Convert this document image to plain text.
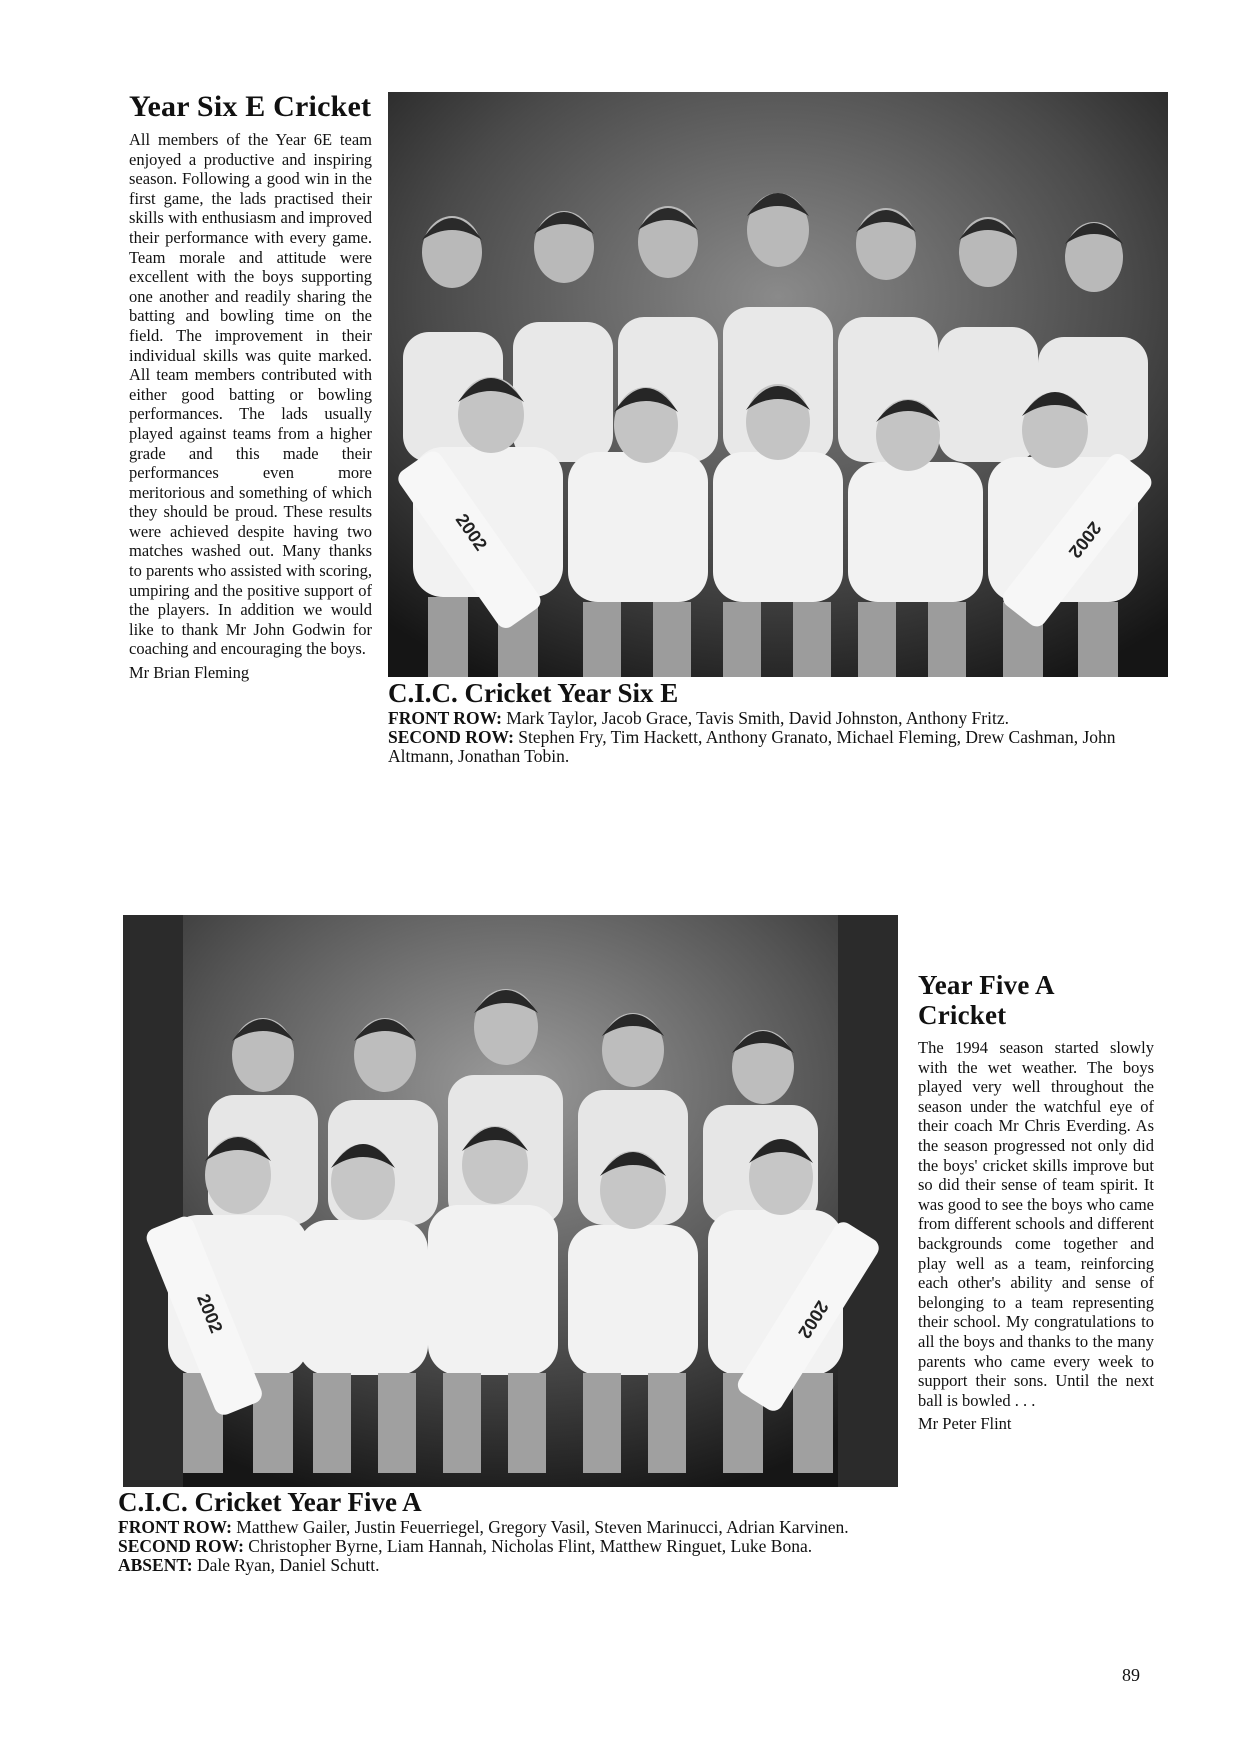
Year Six E Cricket

All members of the Year 6E team enjoyed a productive and inspiring season. Following a good win in the first game, the lads practised their skills with enthusiasm and improved their performance with every game. Team morale and attitude were excellent with the boys supporting one another and readily sharing the batting and bowling time on the field. The improvement in their individual skills was quite marked. All team members contributed with either good batting or bowling performances. The lads usually played against teams from a higher grade and this made their performances even more meritorious and something of which they should be proud. These results were achieved despite having two matches washed out. Many thanks to parents who assisted with scoring, umpiring and the positive support of the players. In addition we would like to thank Mr John Godwin for coaching and encouraging the boys.

Mr Brian Fleming
2002	2002
C.I.C. Cricket Year Six E

FRONT ROW: Mark Taylor, Jacob Grace, Tavis Smith, David Johnston, Anthony Fritz.

SECOND ROW: Stephen Fry, Tim Hackett, Anthony Granato, Michael Fleming, Drew Cashman, John Altmann, Jonathan Tobin.

2002	2002
Year Five A
Cricket

The 1994 season started slowly with the wet weather. The boys played very well throughout the season under the watchful eye of their coach Mr Chris Everding. As the season progressed not only did the boys' cricket skills improve but so did their sense of team spirit. It was good to see the boys who came from different schools and different backgrounds come together and play well as a team, reinforcing each other's ability and sense of belonging to a team representing their school. My congratulations to all the boys and thanks to the many parents who came every week to support their sons. Until the next ball is bowled . . .

Mr Peter Flint
C.I.C. Cricket Year Five A

FRONT ROW: Matthew Gailer, Justin Feuerriegel, Gregory Vasil, Steven Marinucci, Adrian Karvinen.

SECOND ROW: Christopher Byrne, Liam Hannah, Nicholas Flint, Matthew Ringuet, Luke Bona.

ABSENT: Dale Ryan, Daniel Schutt.

89
